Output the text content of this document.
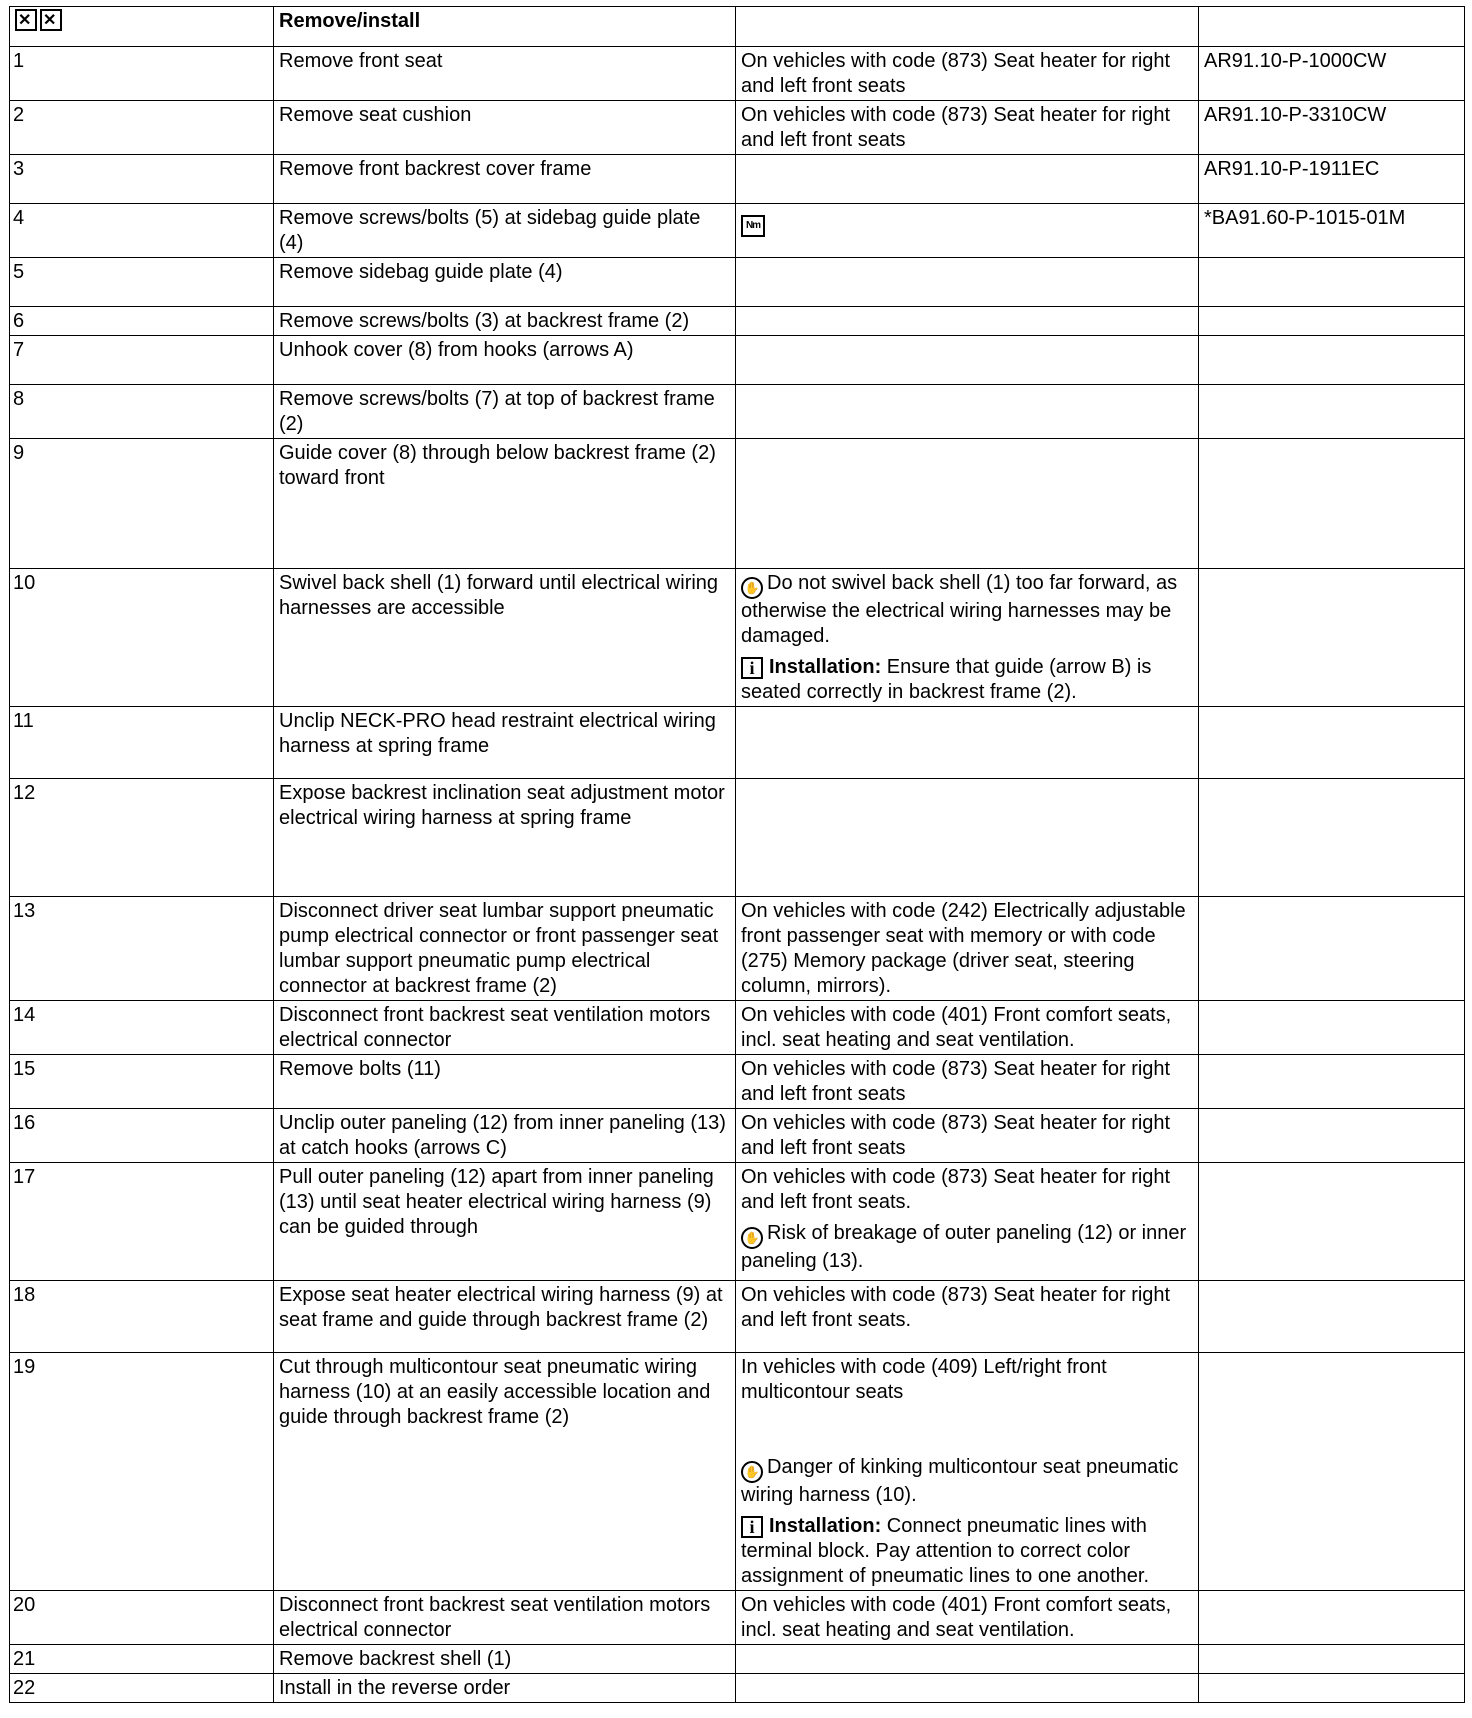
✕✕	Remove/install		
1	Remove front seat	On vehicles with code (873) Seat heater for right and left front seats	AR91.10-P-1000CW
2	Remove seat cushion	On vehicles with code (873) Seat heater for right and left front seats	AR91.10-P-3310CW
3	Remove front backrest cover frame		AR91.10-P-1911EC
4	Remove screws/bolts (5) at sidebag guide plate (4)	Nm	*BA91.60-P-1015-01M
5	Remove sidebag guide plate (4)		
6	Remove screws/bolts (3) at backrest frame (2)		
7	Unhook cover (8) from hooks (arrows A)		
8	Remove screws/bolts (7) at top of backrest frame (2)		
9	Guide cover (8) through below backrest frame (2) toward front		
10	Swivel back shell (1) forward until electrical wiring harnesses are accessible	✋ Do not swivel back shell (1) too far forward, as otherwise the electrical wiring harnesses may be damaged.
i Installation: Ensure that guide (arrow B) is seated correctly in backrest frame (2).	

11	Unclip NECK-PRO head restraint electrical wiring harness at spring frame		
12	Expose backrest inclination seat adjustment motor electrical wiring harness at spring frame		
13	Disconnect driver seat lumbar support pneumatic pump electrical connector or front passenger seat lumbar support pneumatic pump electrical connector at backrest frame (2)	On vehicles with code (242) Electrically adjustable front passenger seat with memory or with code (275) Memory package (driver seat, steering column, mirrors).	

14	Disconnect front backrest seat ventilation motors electrical connector	On vehicles with code (401) Front comfort seats, incl. seat heating and seat ventilation.	

15	Remove bolts (11)	On vehicles with code (873) Seat heater for right and left front seats	

16	Unclip outer paneling (12) from inner paneling (13) at catch hooks (arrows C)	On vehicles with code (873) Seat heater for right and left front seats	

17	Pull outer paneling (12) apart from inner paneling (13) until seat heater electrical wiring harness (9) can be guided through	On vehicles with code (873) Seat heater for right and left front seats.
✋ Risk of breakage of outer paneling (12) or inner paneling (13).	

18	Expose seat heater electrical wiring harness (9) at seat frame and guide through backrest frame (2)	On vehicles with code (873) Seat heater for right and left front seats.	

19	Cut through multicontour seat pneumatic wiring harness (10) at an easily accessible location and guide through backrest frame (2)	In vehicles with code (409) Left/right front multicontour seats
✋ Danger of kinking multicontour seat pneumatic wiring harness (10).
i Installation: Connect pneumatic lines with terminal block. Pay attention to correct color assignment of pneumatic lines to one another.	

20	Disconnect front backrest seat ventilation motors electrical connector	On vehicles with code (401) Front comfort seats, incl. seat heating and seat ventilation.	

21	Remove backrest shell (1)		
22	Install in the reverse order		
